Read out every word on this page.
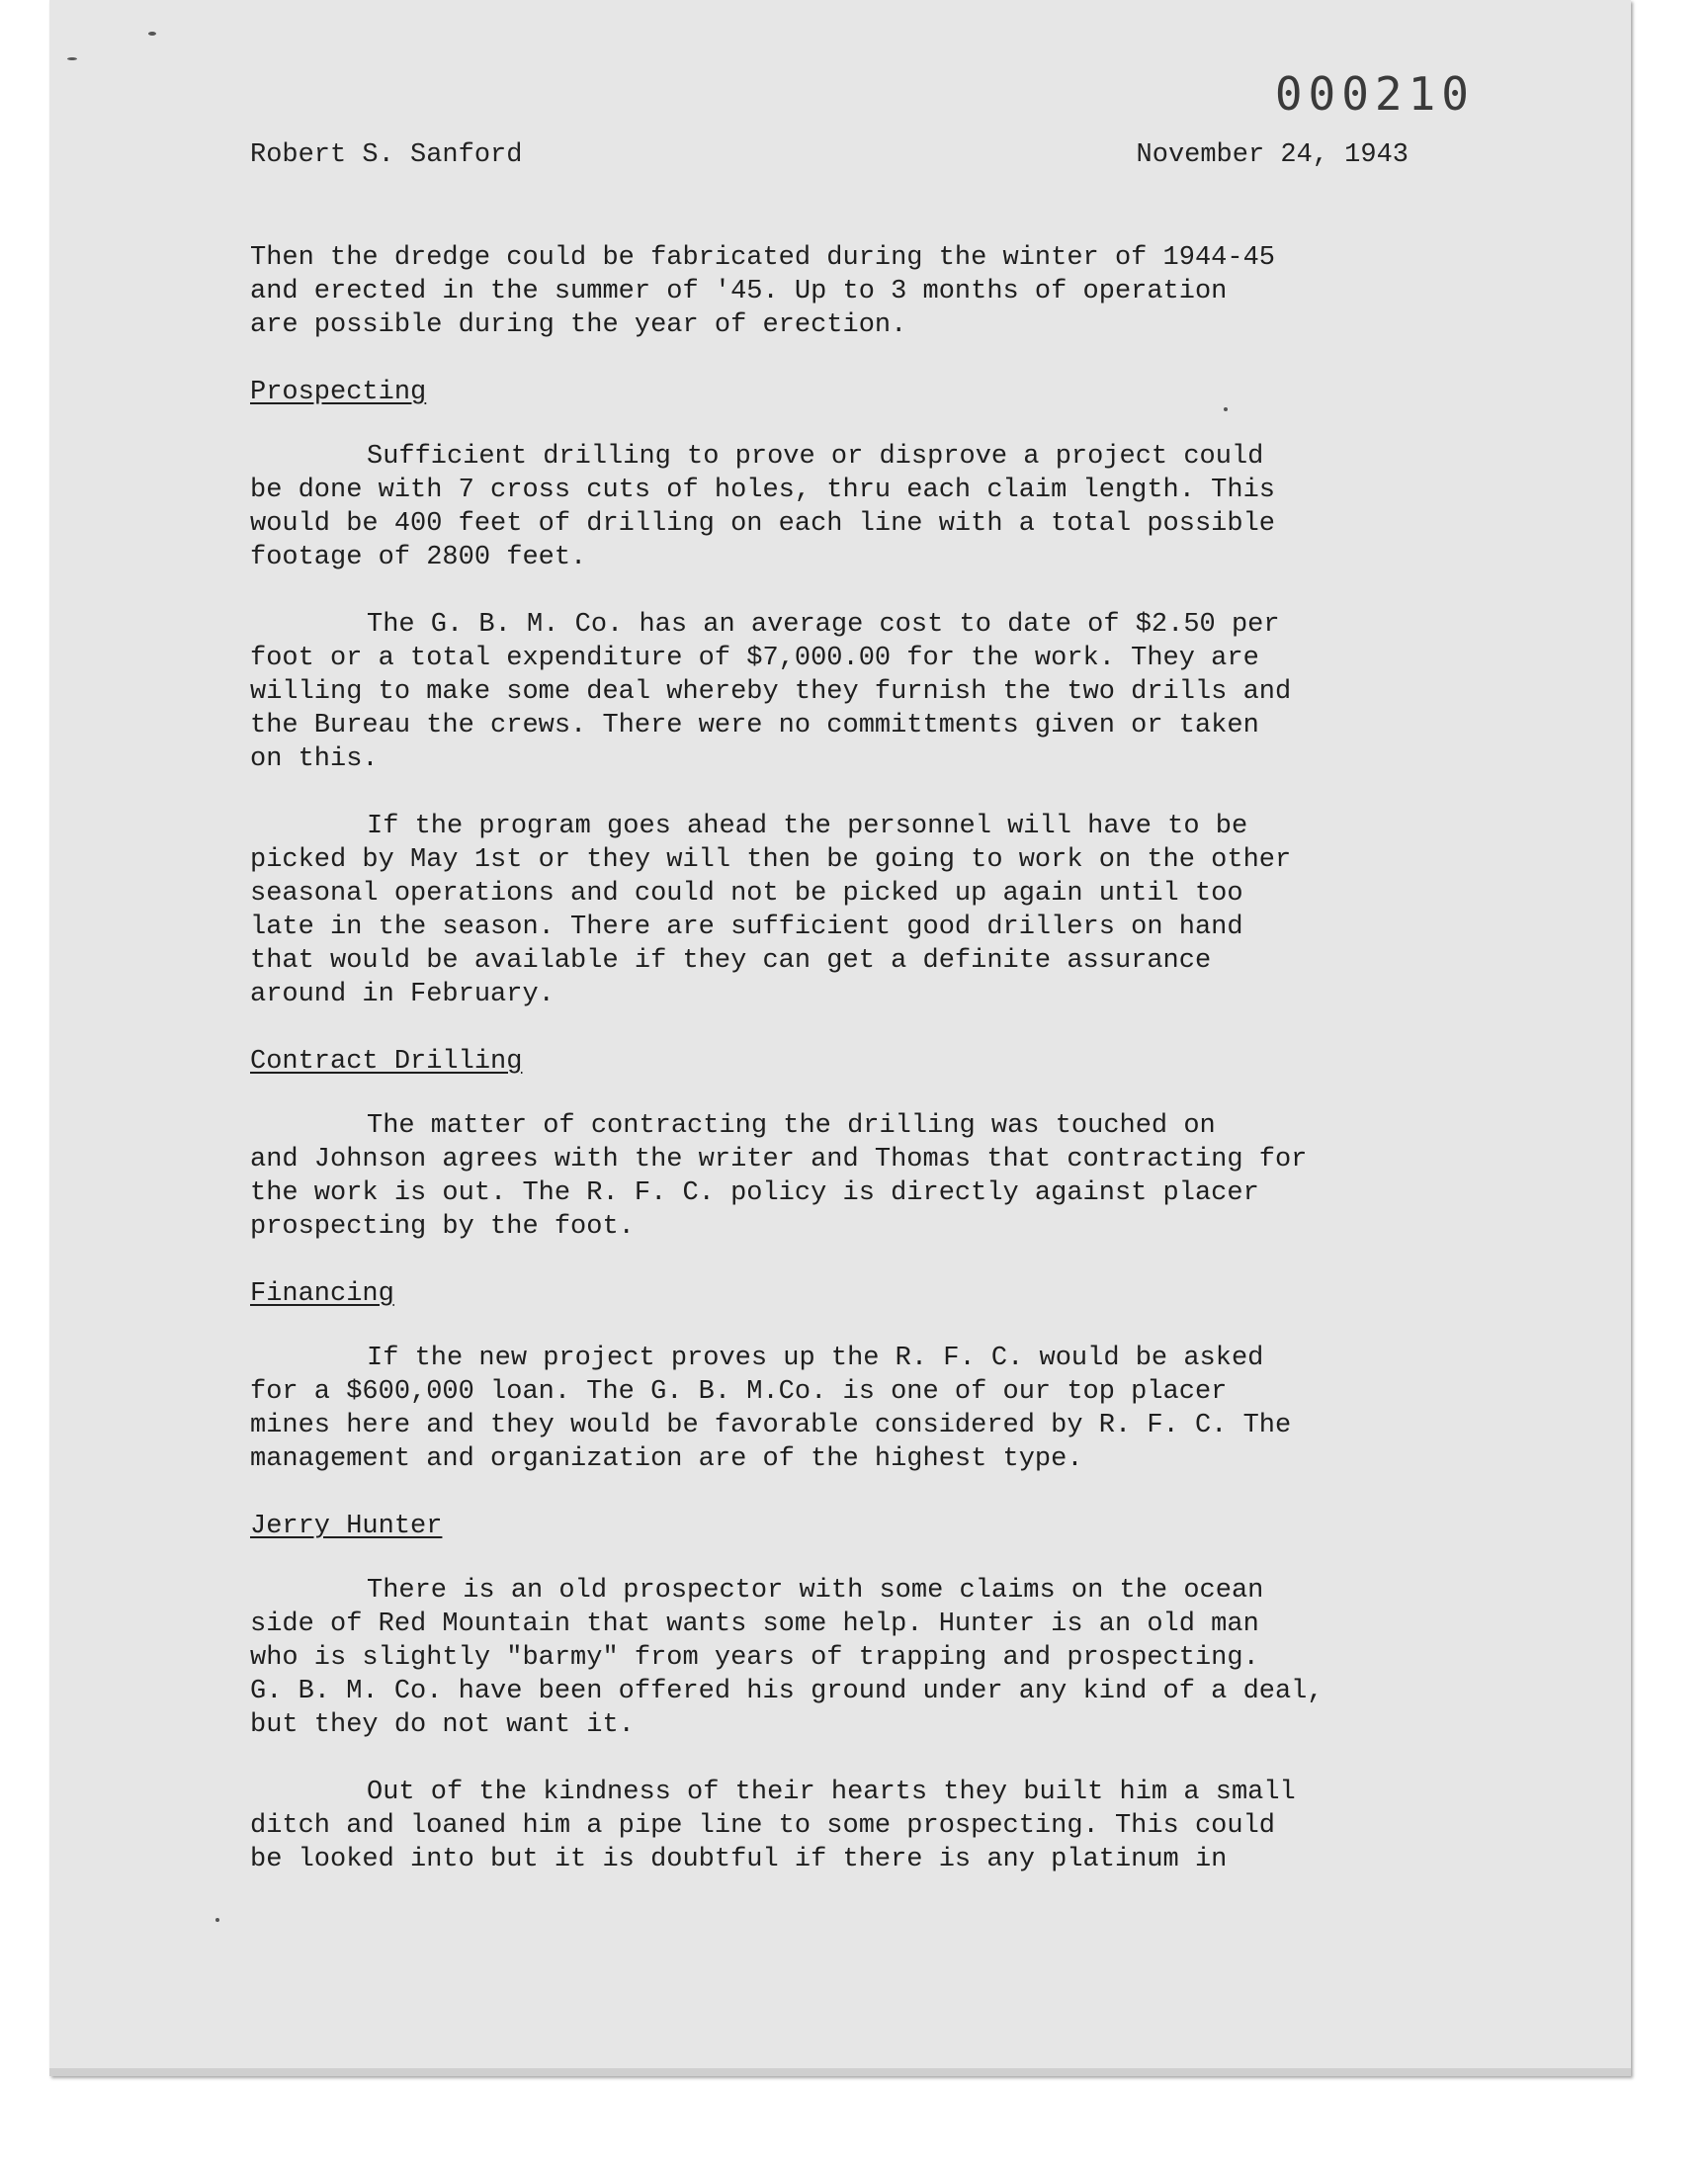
000210
Robert S. Sanford	November 24, 1943

Then the dredge could be fabricated during the winter of 1944-45
and erected in the summer of '45. Up to 3 months of operation
are possible during the year of erection.

Prospecting

Sufficient drilling to prove or disprove a project could
be done with 7 cross cuts of holes, thru each claim length. This
would be 400 feet of drilling on each line with a total possible
footage of 2800 feet.

The G. B. M. Co. has an average cost to date of $2.50 per
foot or a total expenditure of $7,000.00 for the work. They are
willing to make some deal whereby they furnish the two drills and
the Bureau the crews. There were no committments given or taken
on this.

If the program goes ahead the personnel will have to be
picked by May 1st or they will then be going to work on the other
seasonal operations and could not be picked up again until too
late in the season. There are sufficient good drillers on hand
that would be available if they can get a definite assurance
around in February.

Contract Drilling

The matter of contracting the drilling was touched on
and Johnson agrees with the writer and Thomas that contracting for
the work is out. The R. F. C. policy is directly against placer
prospecting by the foot.

Financing

If the new project proves up the R. F. C. would be asked
for a $600,000 loan. The G. B. M.Co. is one of our top placer
mines here and they would be favorable considered by R. F. C. The
management and organization are of the highest type.

Jerry Hunter

There is an old prospector with some claims on the ocean
side of Red Mountain that wants some help. Hunter is an old man
who is slightly "barmy" from years of trapping and prospecting.
G. B. M. Co. have been offered his ground under any kind of a deal,
but they do not want it.

Out of the kindness of their hearts they built him a small
ditch and loaned him a pipe line to some prospecting. This could
be looked into but it is doubtful if there is any platinum in
